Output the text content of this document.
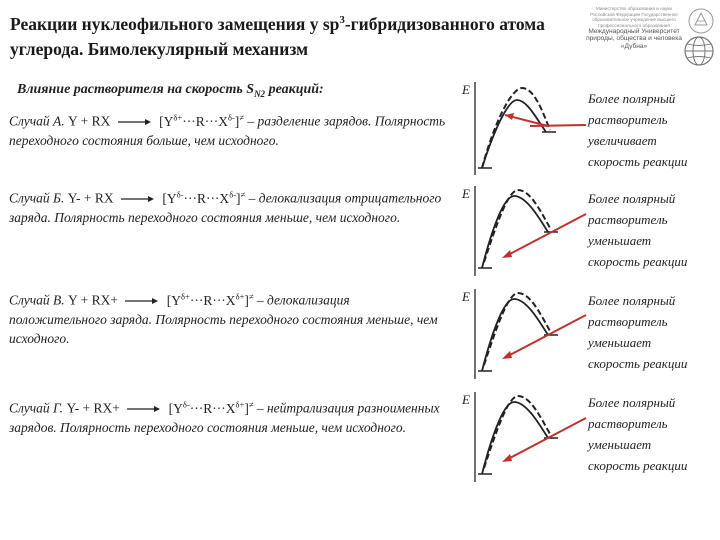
Реакции нуклеофильного замещения у $sp^3$-гибридизованного атома
углерода. Бимолекулярный механизм
Министерство образования и науки Российской Федерации Государственное образовательное учреждение высшего профессионального образования
Международный Университет природы, общества и человека «Дубна»
Влияние растворителя на скорость $S_{N2}$ реакций:
Случай А. Y + RX → $[Y^{\delta+}\cdot\cdot\cdot R\cdot\cdot\cdot X^{\delta-}]^\ne$ – разделение зарядов. Полярность переходного состояния больше, чем исходного.
Случай Б. Y- + RX → $[Y^{\delta-}\cdot\cdot\cdot R\cdot\cdot\cdot X^{\delta-}]^\ne$ – делокализация отрицательного заряда. Полярность переходного состояния меньше, чем исходного.
Случай В. $Y + RX+ \to [Y^{\delta+}\cdot\cdot\cdot R\cdot\cdot\cdot X^{\delta+}]^\ne$ – делокализация положительного заряда. Полярность переходного состояния меньше, чем исходного.
Случай Г. $Y- + RX+ \to [Y^{\delta-}\cdot\cdot\cdot R\cdot\cdot\cdot X^{\delta+}]^\ne$ – нейтрализация разноименных зарядов. Полярность переходного состояния меньше, чем исходного.
E
E
E
E
Более полярный
растворитель
увеличивает
скорость реакции
Более полярный
растворитель
уменьшает
скорость реакции
Более полярный
растворитель
уменьшает
скорость реакции
Более полярный
растворитель
уменьшает
скорость реакции
